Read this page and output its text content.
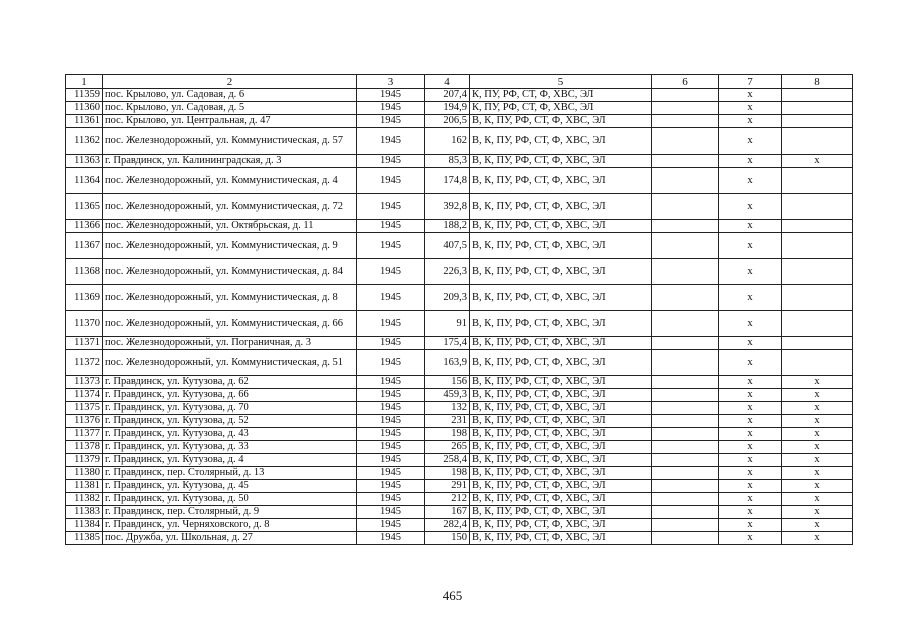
1	2	3	4	5	6	7	8
11359	пос. Крылово, ул. Садовая, д. 6	1945	207,4	К, ПУ, РФ, СТ, Ф, ХВС, ЭЛ		x	
11360	пос. Крылово, ул. Садовая, д. 5	1945	194,9	К, ПУ, РФ, СТ, Ф, ХВС, ЭЛ		x	
11361	пос. Крылово, ул. Центральная, д. 47	1945	206,5	В, К, ПУ, РФ, СТ, Ф, ХВС, ЭЛ		x	
11362	пос. Железнодорожный, ул. Коммунистическая, д. 57	1945	162	В, К, ПУ, РФ, СТ, Ф, ХВС, ЭЛ		x	
11363	г. Правдинск, ул. Калининградская, д. 3	1945	85,3	В, К, ПУ, РФ, СТ, Ф, ХВС, ЭЛ		x	x
11364	пос. Железнодорожный, ул. Коммунистическая, д. 4	1945	174,8	В, К, ПУ, РФ, СТ, Ф, ХВС, ЭЛ		x	
11365	пос. Железнодорожный, ул. Коммунистическая, д. 72	1945	392,8	В, К, ПУ, РФ, СТ, Ф, ХВС, ЭЛ		x	
11366	пос. Железнодорожный, ул. Октябрьская, д. 11	1945	188,2	В, К, ПУ, РФ, СТ, Ф, ХВС, ЭЛ		x	
11367	пос. Железнодорожный, ул. Коммунистическая, д. 9	1945	407,5	В, К, ПУ, РФ, СТ, Ф, ХВС, ЭЛ		x	
11368	пос. Железнодорожный, ул. Коммунистическая, д. 84	1945	226,3	В, К, ПУ, РФ, СТ, Ф, ХВС, ЭЛ		x	
11369	пос. Железнодорожный, ул. Коммунистическая, д. 8	1945	209,3	В, К, ПУ, РФ, СТ, Ф, ХВС, ЭЛ		x	
11370	пос. Железнодорожный, ул. Коммунистическая, д. 66	1945	91	В, К, ПУ, РФ, СТ, Ф, ХВС, ЭЛ		x	
11371	пос. Железнодорожный, ул. Пограничная, д. 3	1945	175,4	В, К, ПУ, РФ, СТ, Ф, ХВС, ЭЛ		x	
11372	пос. Железнодорожный, ул. Коммунистическая, д. 51	1945	163,9	В, К, ПУ, РФ, СТ, Ф, ХВС, ЭЛ		x	
11373	г. Правдинск, ул. Кутузова, д. 62	1945	156	В, К, ПУ, РФ, СТ, Ф, ХВС, ЭЛ		x	x
11374	г. Правдинск, ул. Кутузова, д. 66	1945	459,3	В, К, ПУ, РФ, СТ, Ф, ХВС, ЭЛ		x	x
11375	г. Правдинск, ул. Кутузова, д. 70	1945	132	В, К, ПУ, РФ, СТ, Ф, ХВС, ЭЛ		x	x
11376	г. Правдинск, ул. Кутузова, д. 52	1945	231	В, К, ПУ, РФ, СТ, Ф, ХВС, ЭЛ		x	x
11377	г. Правдинск, ул. Кутузова, д. 43	1945	198	В, К, ПУ, РФ, СТ, Ф, ХВС, ЭЛ		x	x
11378	г. Правдинск, ул. Кутузова, д. 33	1945	265	В, К, ПУ, РФ, СТ, Ф, ХВС, ЭЛ		x	x
11379	г. Правдинск, ул. Кутузова, д. 4	1945	258,4	В, К, ПУ, РФ, СТ, Ф, ХВС, ЭЛ		x	x
11380	г. Правдинск, пер. Столярный, д. 13	1945	198	В, К, ПУ, РФ, СТ, Ф, ХВС, ЭЛ		x	x
11381	г. Правдинск, ул. Кутузова, д. 45	1945	291	В, К, ПУ, РФ, СТ, Ф, ХВС, ЭЛ		x	x
11382	г. Правдинск, ул. Кутузова, д. 50	1945	212	В, К, ПУ, РФ, СТ, Ф, ХВС, ЭЛ		x	x
11383	г. Правдинск, пер. Столярный, д. 9	1945	167	В, К, ПУ, РФ, СТ, Ф, ХВС, ЭЛ		x	x
11384	г. Правдинск, ул. Черняховского, д. 8	1945	282,4	В, К, ПУ, РФ, СТ, Ф, ХВС, ЭЛ		x	x
11385	пос. Дружба, ул. Школьная, д. 27	1945	150	В, К, ПУ, РФ, СТ, Ф, ХВС, ЭЛ		x	x
465
